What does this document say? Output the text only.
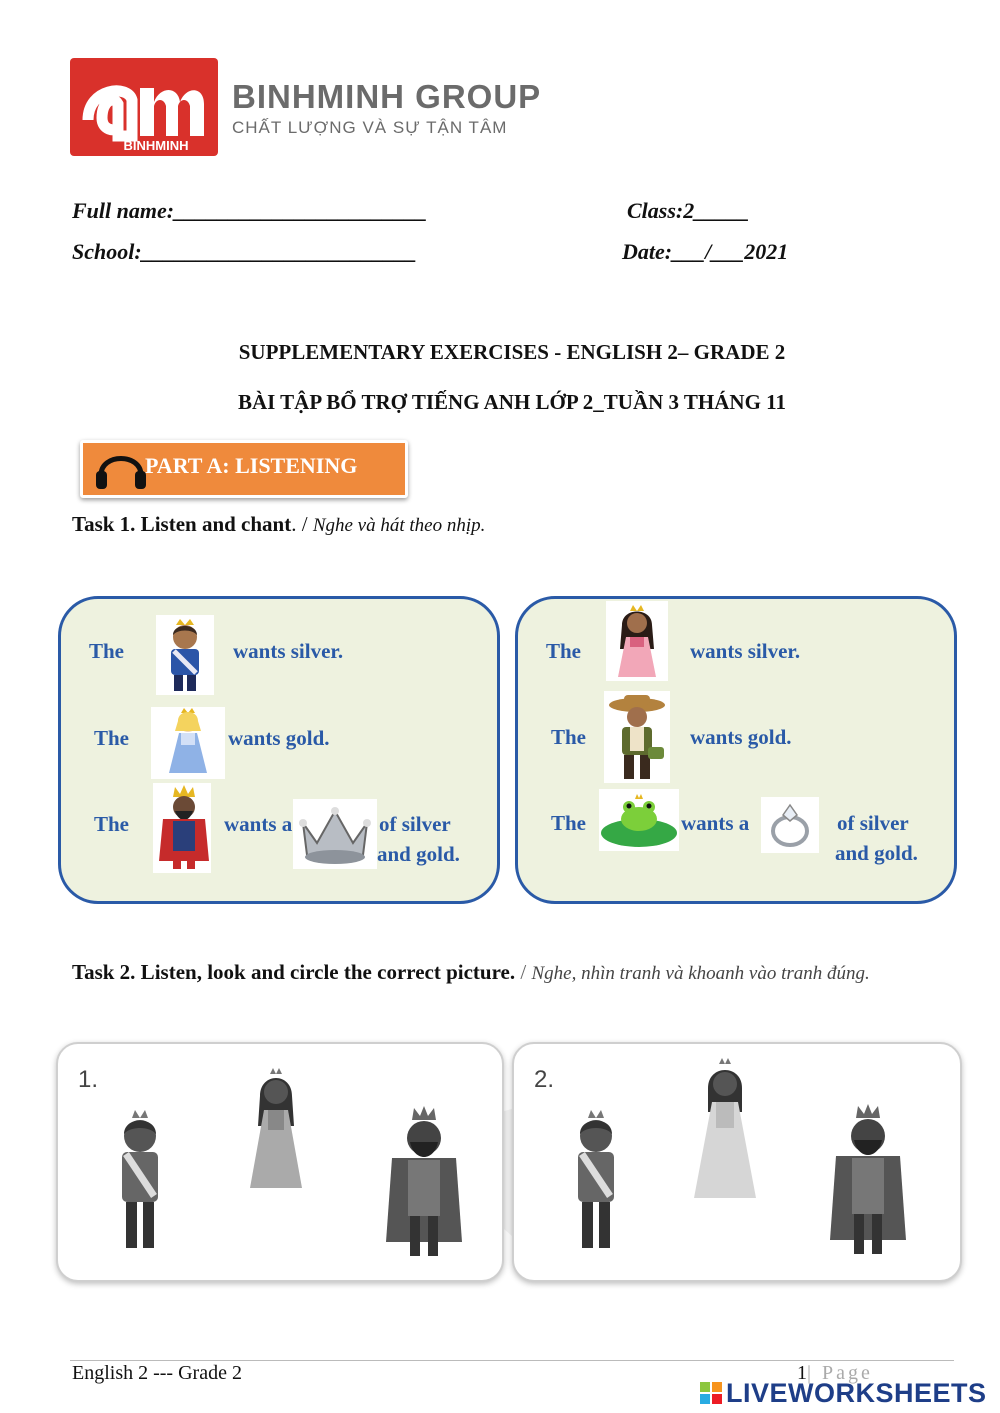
BINHMINH
BINHMINH GROUP
CHẤT LƯỢNG VÀ SỰ TẬN TÂM
Full name:_______________________	Class:2_____
School:_________________________	Date:___/___2021
SUPPLEMENTARY EXERCISES - ENGLISH 2– GRADE 2
BÀI TẬP BỔ TRỢ TIẾNG ANH LỚP 2_TUẦN 3 THÁNG 11
PART A: LISTENING
Task 1. Listen and chant. / Nghe và hát theo nhịp.
The	wants silver.
The	wants gold.
The	wants a	of silver
and gold.
The	wants silver.
The	wants gold.
The	wants a	of silver
and gold.
Task 2. Listen, look and circle the correct picture. / Nghe, nhìn tranh và khoanh vào tranh đúng.
1.	2.
English 2 --- Grade 2	1| Page
LIVEWORKSHEETS
